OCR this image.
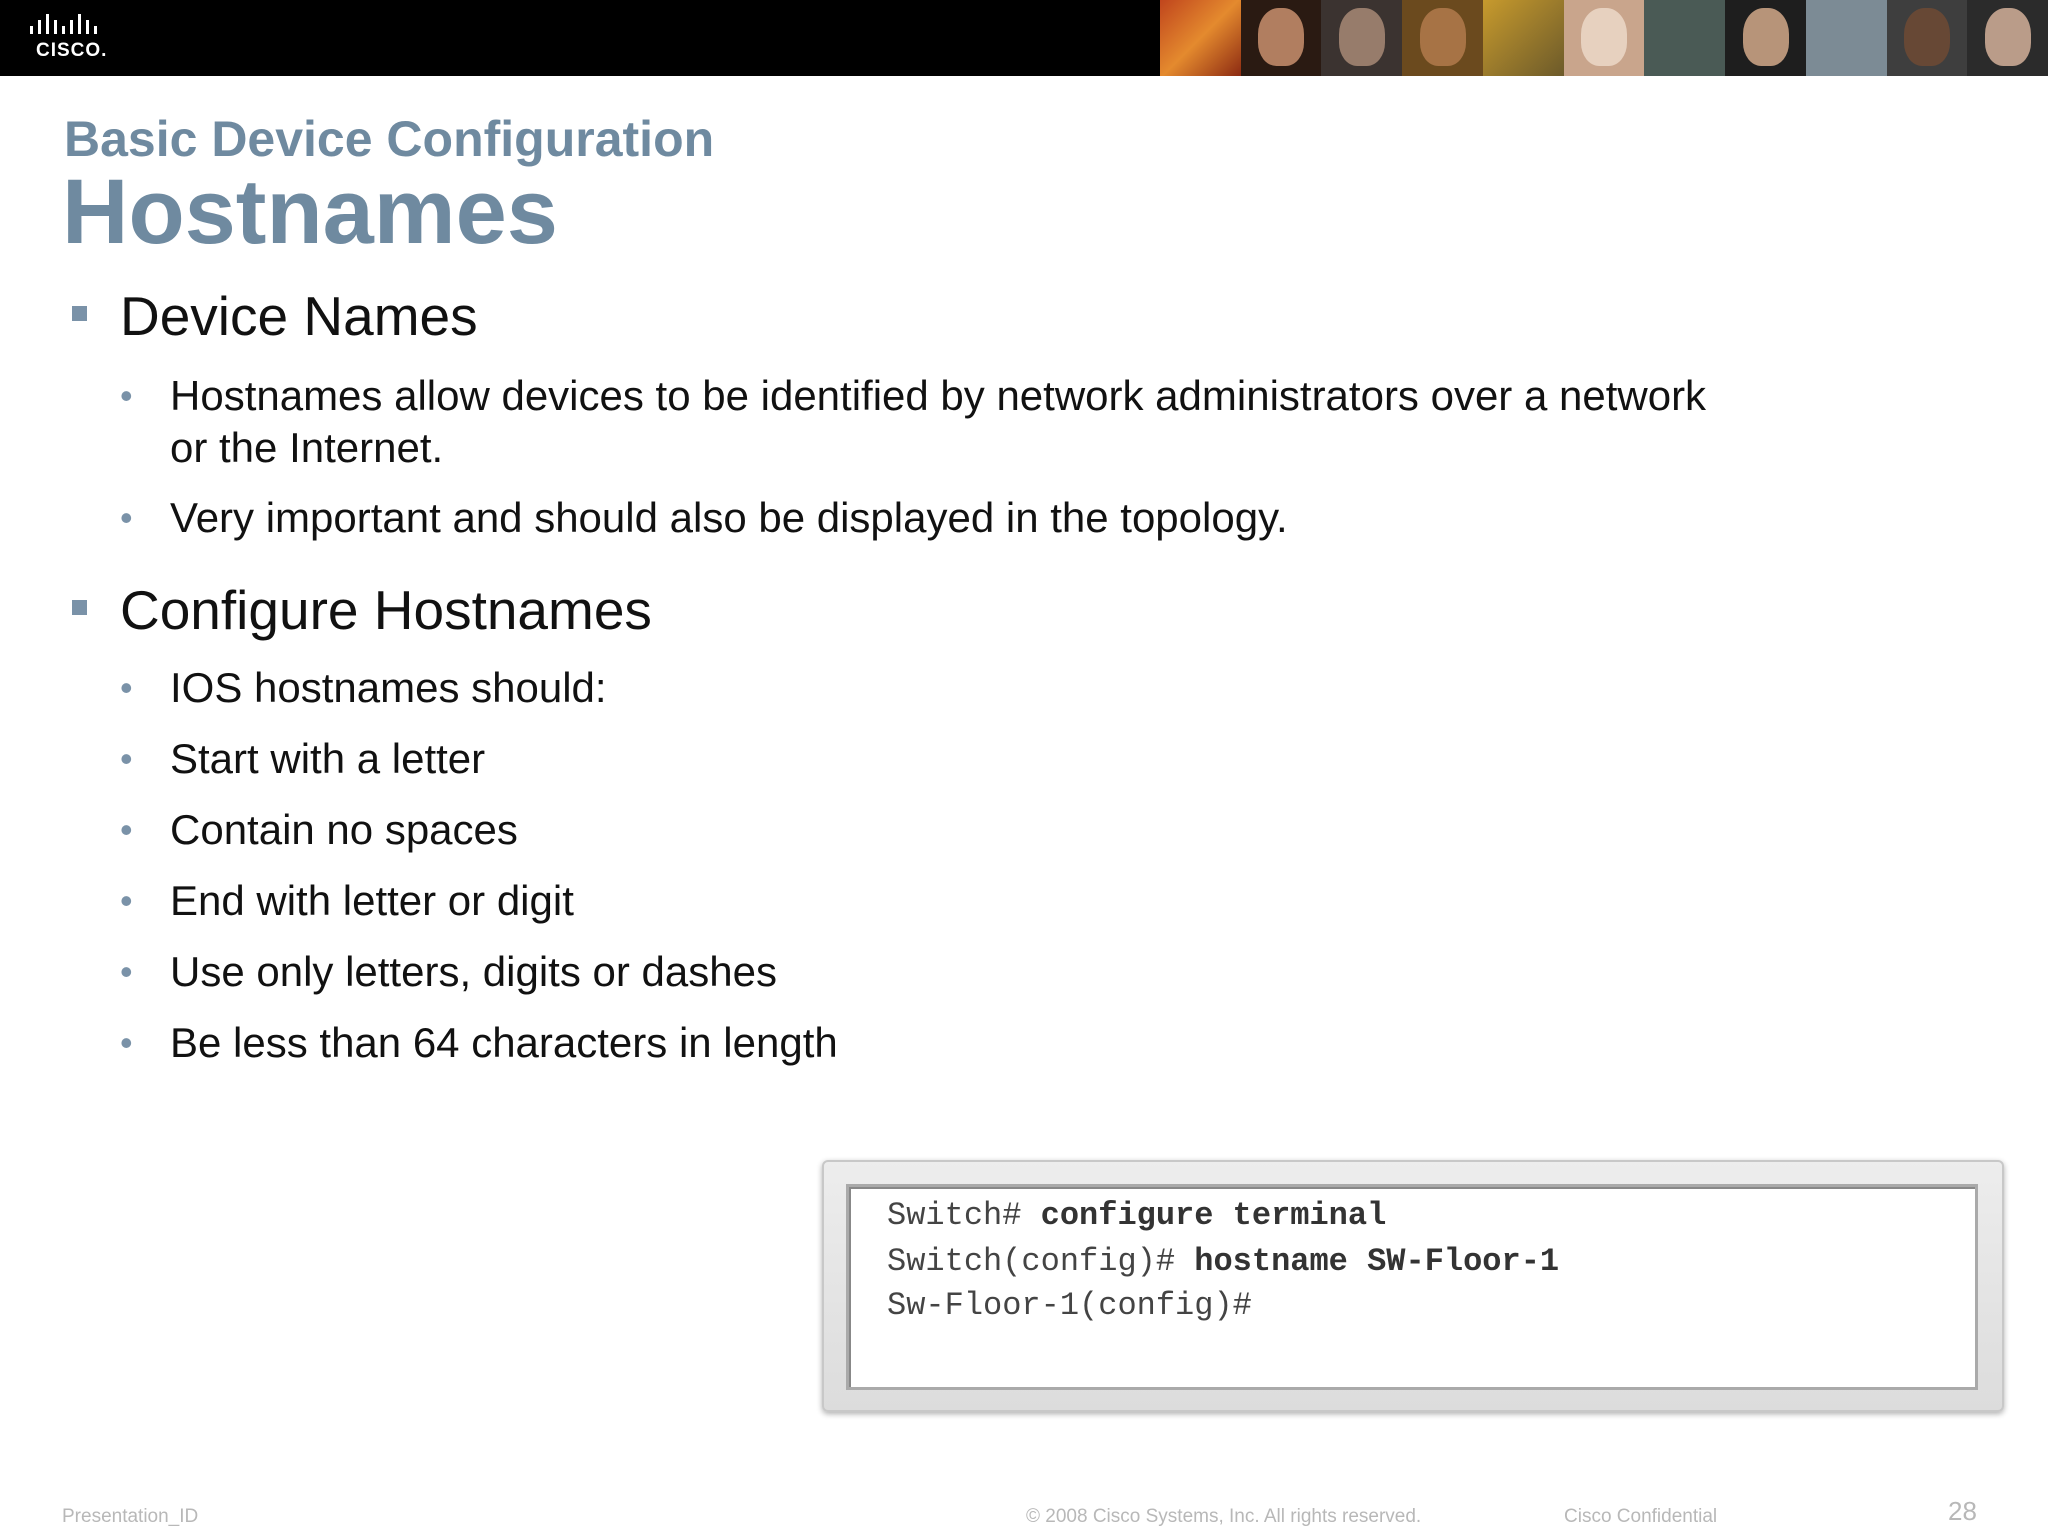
CISCO.
Basic Device Configuration
Hostnames
Device Names
• Hostnames allow devices to be identified by network administrators over a network or the Internet.
• Very important and should also be displayed in the topology.
Configure Hostnames
• IOS hostnames should:
• Start with a letter
• Contain no spaces
• End with letter or digit
• Use only letters, digits or dashes
• Be less than 64 characters in length
Switch# configure terminal
Switch(config)# hostname SW-Floor-1
Sw-Floor-1(config)#
Presentation_ID	© 2008 Cisco Systems, Inc. All rights reserved.	Cisco Confidential	28
